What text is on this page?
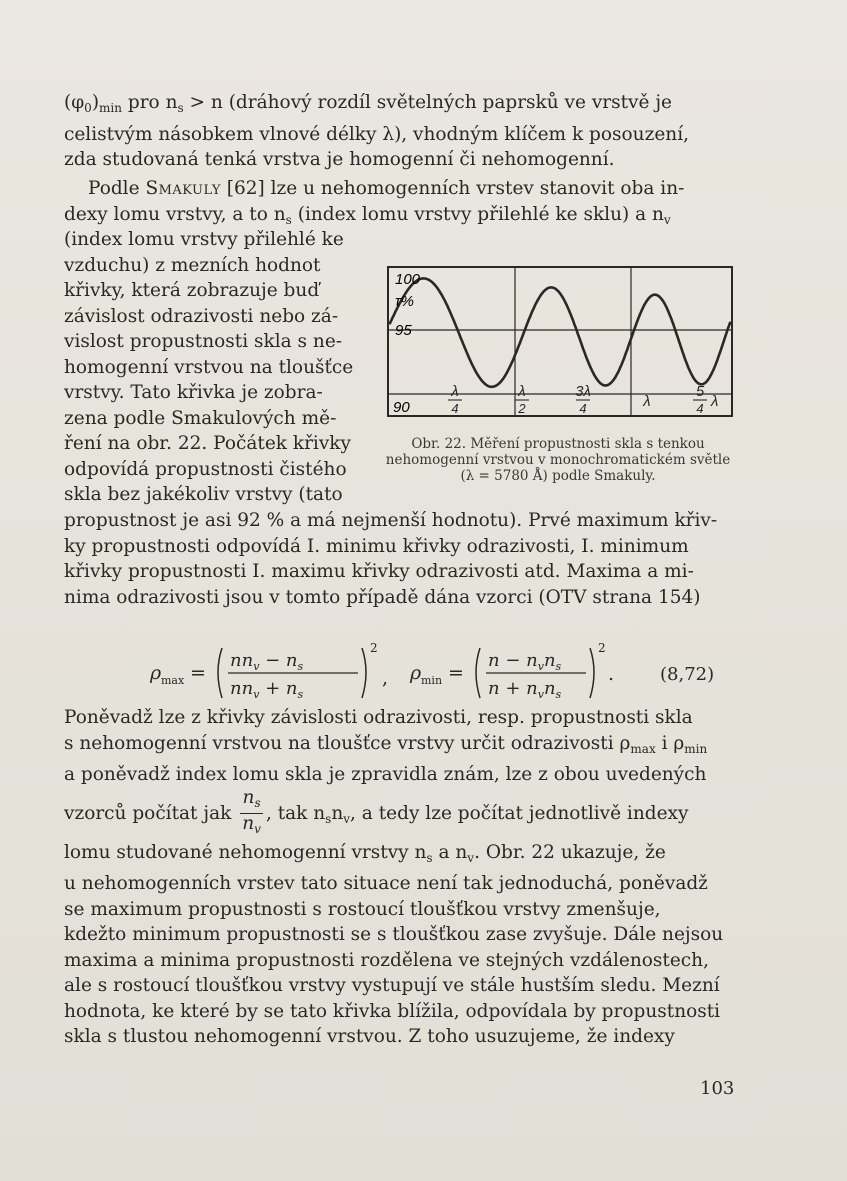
$(\varphi_0)_{min}$ pro $n_s > n$ (dráhový rozdíl světelných paprsků ve vrstvě je
celistvým násobkem vlnové délky λ), vhodným klíčem k posouzení,
zda studovaná tenká vrstva je homogenní či nehomogenní.
Podle Smakuly [62] lze u nehomogenních vrstev stanovit oba in-
dexy lomu vrstvy, a to $n_s$ (index lomu vrstvy přilehlé ke sklu) a $n_v$
(index lomu vrstvy přilehlé ke
vzduchu) z mezních hodnot
křivky, která zobrazuje buď
závislost odrazivosti nebo zá-
vislost propustnosti skla s ne-
homogenní vrstvou na tloušťce
vrstvy. Tato křivka je zobra-
zena podle Smakulových mě-
ření na obr. 22. Počátek křivky
odpovídá propustnosti čistého
skla bez jakékoliv vrstvy (tato
propustnost je asi 92 % a má nejmenší hodnotu). Prvé maximum křiv-
ky propustnosti odpovídá I. minimu křivky odrazivosti, I. minimum
křivky propustnosti I. maximu křivky odrazivosti atd. Maxima a mi-
nima odrazivosti jsou v tomto případě dána vzorci (OTV strana 154)
100
τ%
95
90
λ
4
λ
2
3λ
4	λ
5
4 λ
Obr. 22. Měření propustnosti skla s tenkou nehomogenní vrstvou v monochromatickém světle (λ = 5780 Å) podle Smakuly.
ρ max =
$nn_v - n_s$
$nn_v + n_s$
2
, ρ min =
$n - n_vn_s$
$n + n_vn_s$
2
.	(8,72)
Poněvadž lze z křivky závislosti odrazivosti, resp. propustnosti skla
s nehomogenní vrstvou na tloušťce vrstvy určit odrazivosti $\rho_{max}$ i $\rho_{min}$
a poněvadž index lomu skla je zpravidla znám, lze z obou uvedených
vzorců počítat jak $\frac{n_s}{n_v}$ , tak $n_sn_v$, a tedy lze počítat jednotlivě indexy
lomu studované nehomogenní vrstvy $n_s$ a $n_v$. Obr. 22 ukazuje, že
u nehomogenních vrstev tato situace není tak jednoduchá, poněvadž
se maximum propustnosti s rostoucí tloušťkou vrstvy zmenšuje,
kdežto minimum propustnosti se s tloušťkou zase zvyšuje. Dále nejsou
maxima a minima propustnosti rozdělena ve stejných vzdálenostech,
ale s rostoucí tloušťkou vrstvy vystupují ve stále hustším sledu. Mezní
hodnota, ke které by se tato křivka blížila, odpovídala by propustnosti
skla s tlustou nehomogenní vrstvou. Z toho usuzujeme, že indexy
103
